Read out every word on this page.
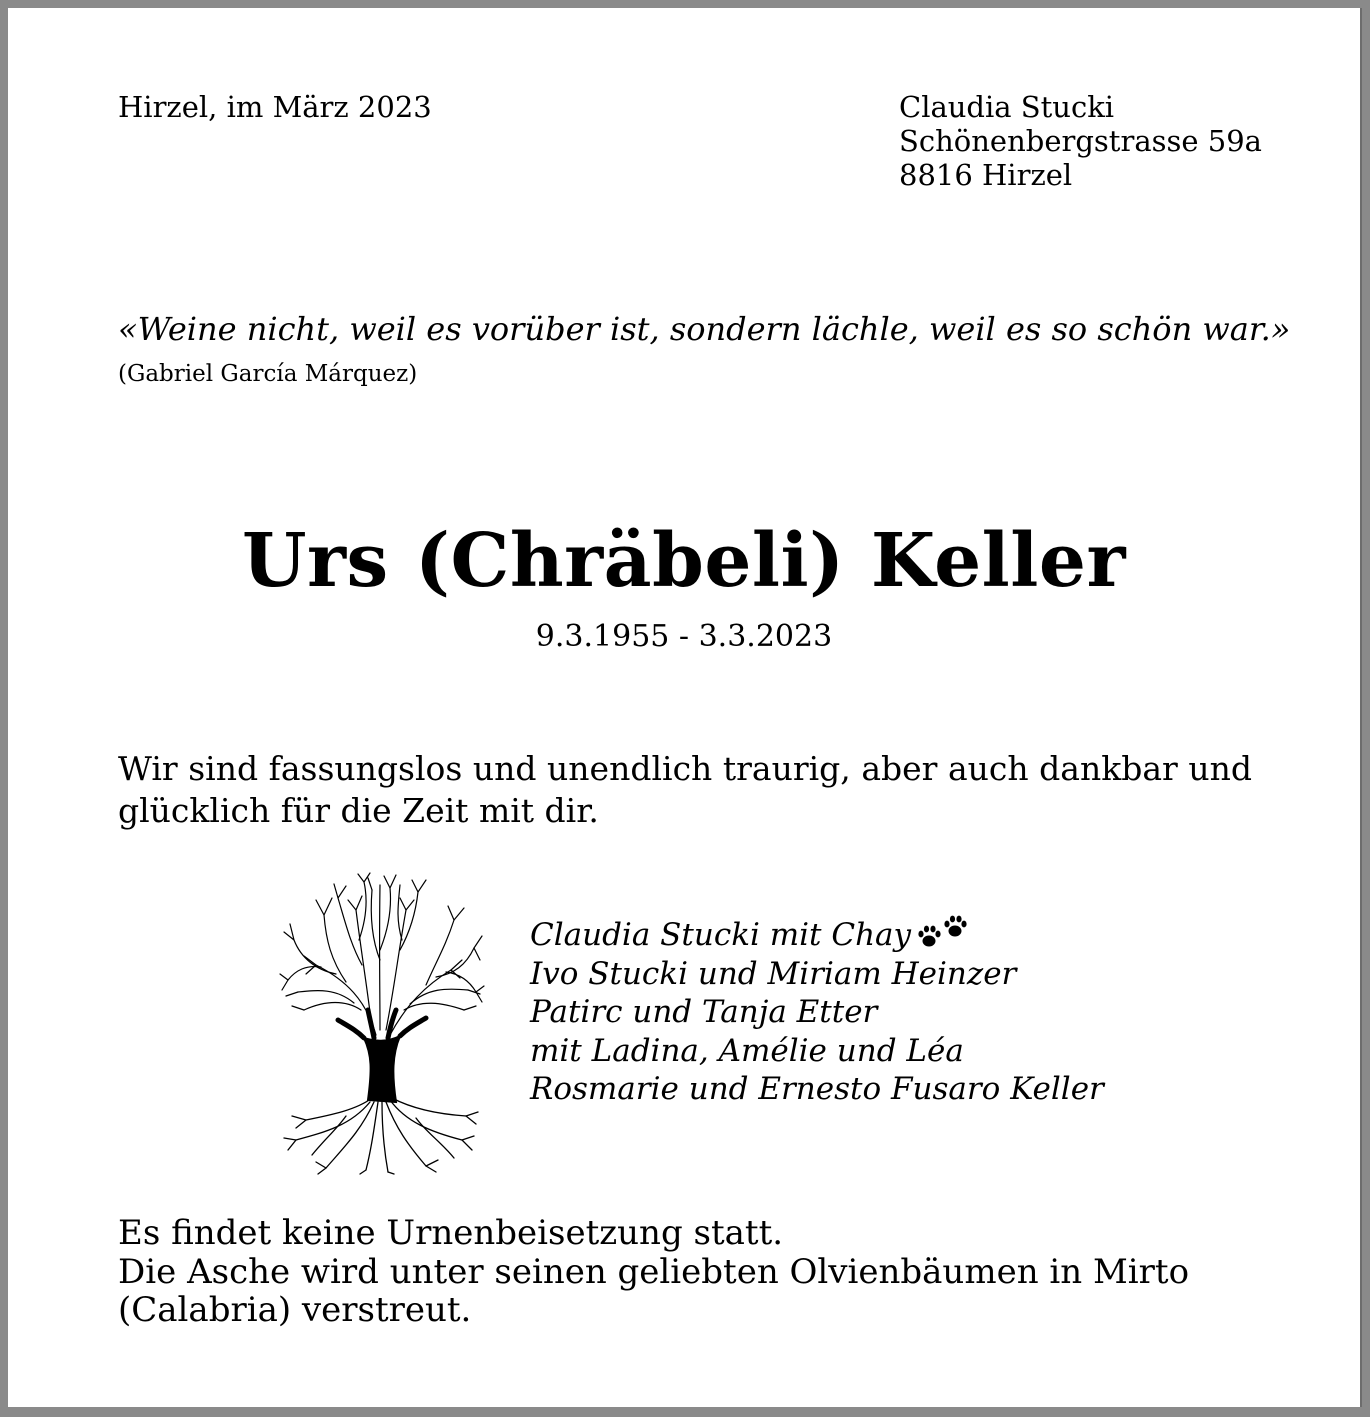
Hirzel, im März 2023	Claudia Stucki
Schönenbergstrasse 59a
8816 Hirzel
«Weine nicht, weil es vorüber ist, sondern lächle, weil es so schön war.»
(Gabriel García Márquez)
Urs (Chräbeli) Keller
9.3.1955 - 3.3.2023
Wir sind fassungslos und unendlich traurig, aber auch dankbar und glücklich für die Zeit mit dir.
Claudia Stucki mit Chay
Ivo Stucki und Miriam Heinzer
Patirc und Tanja Etter
mit Ladina, Amélie und Léa
Rosmarie und Ernesto Fusaro Keller
Es findet keine Urnenbeisetzung statt.
Die Asche wird unter seinen geliebten Olvienbäumen in Mirto
(Calabria) verstreut.
